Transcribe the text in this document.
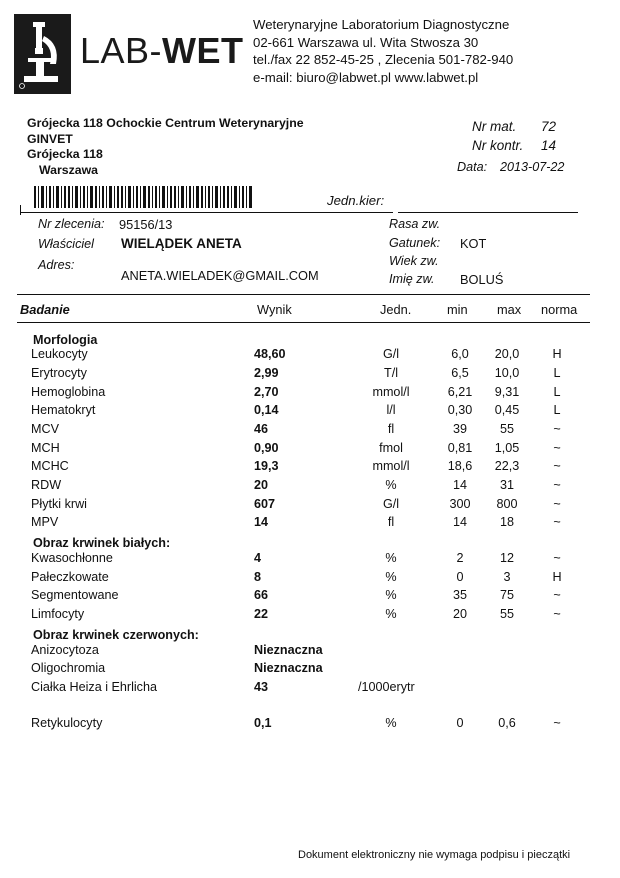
LAB-WET
Weterynaryjne Laboratorium Diagnostyczne
02-661 Warszawa ul. Wita Stwosza 30
tel./fax 22 852-45-25 , Zlecenia 501-782-940
e-mail: biuro@labwet.pl www.labwet.pl
Grójecka 118 Ochockie Centrum Weterynaryjne
GINVET
Grójecka 118
Warszawa
Nr mat. 72
Nr kontr. 14
Data: 2013-07-22
Jedn.kier:
Nr zlecenia: 95156/13
Właściciel WIELĄDEK ANETA
Adres:
ANETA.WIELADEK@GMAIL.COM
Rasa zw.
Gatunek: KOT
Wiek zw.
Imię zw. BOLUŚ
Badanie	Wynik	Jedn.	min max norma
Morfologia
Obraz krwinek białych:
Obraz krwinek czerwonych:
Leukocyty	48,60	G/l	6,0 20,0	H
Erytrocyty	2,99	T/l	6,5 10,0	L
Hemoglobina	2,70	mmol/l	6,21 9,31	L
Hematokryt	0,14	l/l	0,30 0,45	L
MCV	46	fl	39	55	~
MCH	0,90	fmol	0,81 1,05	~
MCHC	19,3	mmol/l	18,6 22,3	~
RDW	20	%	14	31	~
Płytki krwi	607	G/l	300 800	~
MPV	14	fl	14	18	~
Kwasochłonne	4	%	2	12	~
Pałeczkowate	8	%	0	3	H
Segmentowane	66	%	35	75	~
Limfocyty	22	%	20	55	~
Anizocytoza	Nieznaczna
Oligochromia	Nieznaczna
Ciałka Heiza i Ehrlicha	43	/1000erytr
Retykulocyty	0,1	%	0	0,6	~
Dokument elektroniczny nie wymaga podpisu i pieczątki
